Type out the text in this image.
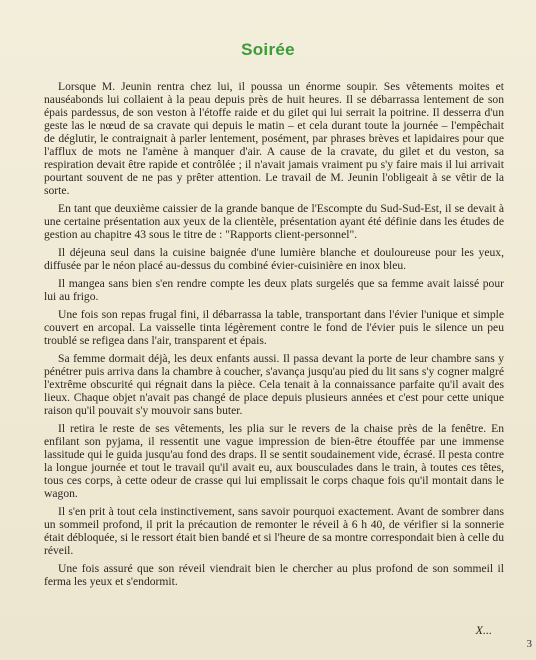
Soirée

Lorsque M. Jeunin rentra chez lui, il poussa un énorme soupir. Ses vêtements moites et nauséabonds lui collaient à la peau depuis près de huit heures. Il se débarrassa lentement de son épais pardessus, de son veston à l'étoffe raide et du gilet qui lui serrait la poitrine. Il desserra d'un geste las le nœud de sa cravate qui depuis le matin – et cela durant toute la journée – l'empêchait de déglutir, le contraignait à parler lentement, posément, par phrases brèves et lapidaires pour que l'afflux de mots ne l'amène à manquer d'air. A cause de la cravate, du gilet et du veston, sa respiration devait être rapide et contrôlée ; il n'avait jamais vraiment pu s'y faire mais il lui arrivait pourtant souvent de ne pas y prêter attention. Le travail de M. Jeunin l'obligeait à se vêtir de la sorte.

En tant que deuxième caissier de la grande banque de l'Escompte du Sud-Sud-Est, il se devait à une certaine présentation aux yeux de la clientèle, présentation ayant été définie dans les études de gestion au chapitre 43 sous le titre de : "Rapports client-personnel".

Il déjeuna seul dans la cuisine baignée d'une lumière blanche et douloureuse pour les yeux, diffusée par le néon placé au-dessus du combiné évier-cuisinière en inox bleu.

Il mangea sans bien s'en rendre compte les deux plats surgelés que sa femme avait laissé pour lui au frigo.

Une fois son repas frugal fini, il débarrassa la table, transportant dans l'évier l'unique et simple couvert en arcopal. La vaisselle tinta légèrement contre le fond de l'évier puis le silence un peu troublé se refigea dans l'air, transparent et épais.

Sa femme dormait déjà, les deux enfants aussi. Il passa devant la porte de leur chambre sans y pénétrer puis arriva dans la chambre à coucher, s'avança jusqu'au pied du lit sans s'y cogner malgré l'extrême obscurité qui régnait dans la pièce. Cela tenait à la connaissance parfaite qu'il avait des lieux. Chaque objet n'avait pas changé de place depuis plusieurs années et c'est pour cette unique raison qu'il pouvait s'y mouvoir sans buter.

Il retira le reste de ses vêtements, les plia sur le revers de la chaise près de la fenêtre. En enfilant son pyjama, il ressentit une vague impression de bien-être étouffée par une immense lassitude qui le guida jusqu'au fond des draps. Il se sentit soudainement vide, écrasé. Il pesta contre la longue journée et tout le travail qu'il avait eu, aux bousculades dans le train, à toutes ces têtes, tous ces corps, à cette odeur de crasse qui lui emplissait le corps chaque fois qu'il montait dans le wagon.

Il s'en prit à tout cela instinctivement, sans savoir pourquoi exactement. Avant de sombrer dans un sommeil profond, il prit la précaution de remonter le réveil à 6 h 40, de vérifier si la sonnerie était débloquée, si le ressort était bien bandé et si l'heure de sa montre correspondait bien à celle du réveil.

Une fois assuré que son réveil viendrait bien le chercher au plus profond de son sommeil il ferma les yeux et s'endormit.

X...
3
